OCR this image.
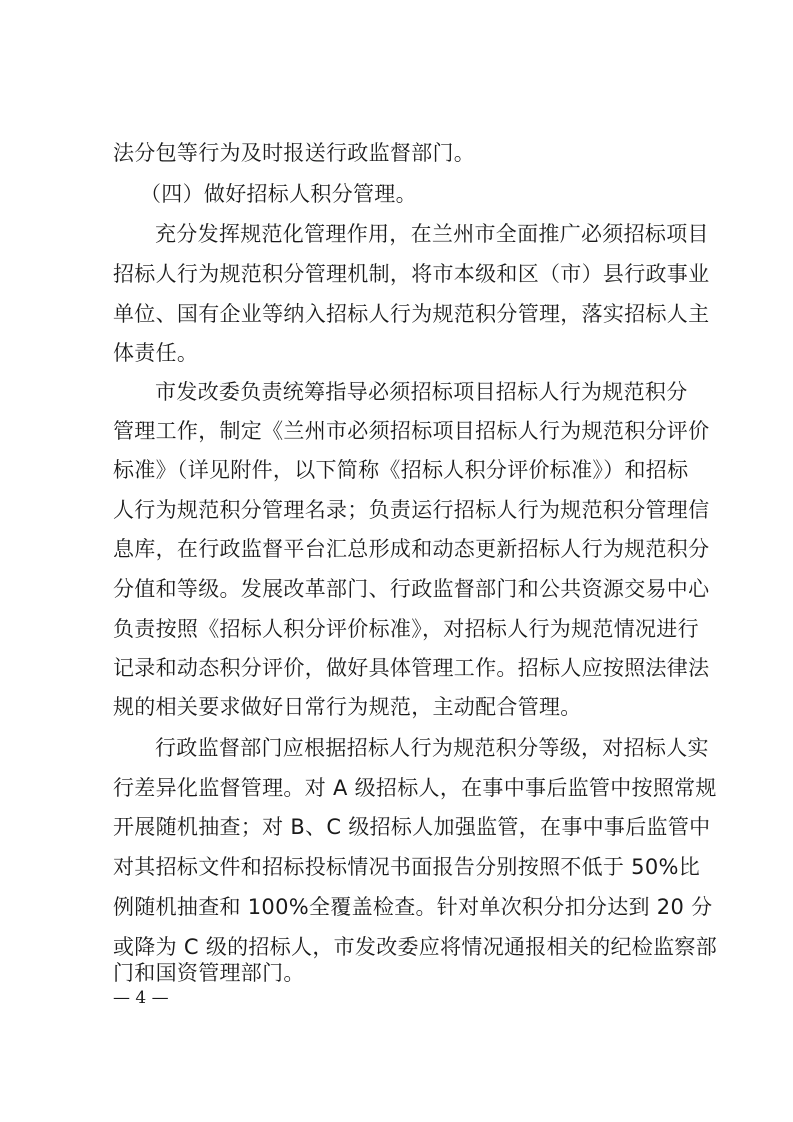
法分包等行为及时报送行政监督部门。
（四）做好招标人积分管理。
充分发挥规范化管理作用，在兰州市全面推广必须招标项目
招标人行为规范积分管理机制，将市本级和区（市）县行政事业
单位、国有企业等纳入招标人行为规范积分管理，落实招标人主
体责任。
市发改委负责统筹指导必须招标项目招标人行为规范积分
管理工作，制定《兰州市必须招标项目招标人行为规范积分评价
标准》（详见附件，以下简称《招标人积分评价标准》）和招标
人行为规范积分管理名录；负责运行招标人行为规范积分管理信
息库，在行政监督平台汇总形成和动态更新招标人行为规范积分
分值和等级。发展改革部门、行政监督部门和公共资源交易中心
负责按照《招标人积分评价标准》，对招标人行为规范情况进行
记录和动态积分评价，做好具体管理工作。招标人应按照法律法
规的相关要求做好日常行为规范，主动配合管理。
行政监督部门应根据招标人行为规范积分等级，对招标人实
行差异化监督管理。对 A 级招标人，在事中事后监管中按照常规
开展随机抽查；对 B、C 级招标人加强监管，在事中事后监管中
对其招标文件和招标投标情况书面报告分别按照不低于 50%比
例随机抽查和 100%全覆盖检查。针对单次积分扣分达到 20 分
或降为 C 级的招标人，市发改委应将情况通报相关的纪检监察部
门和国资管理部门。
— 4 —
